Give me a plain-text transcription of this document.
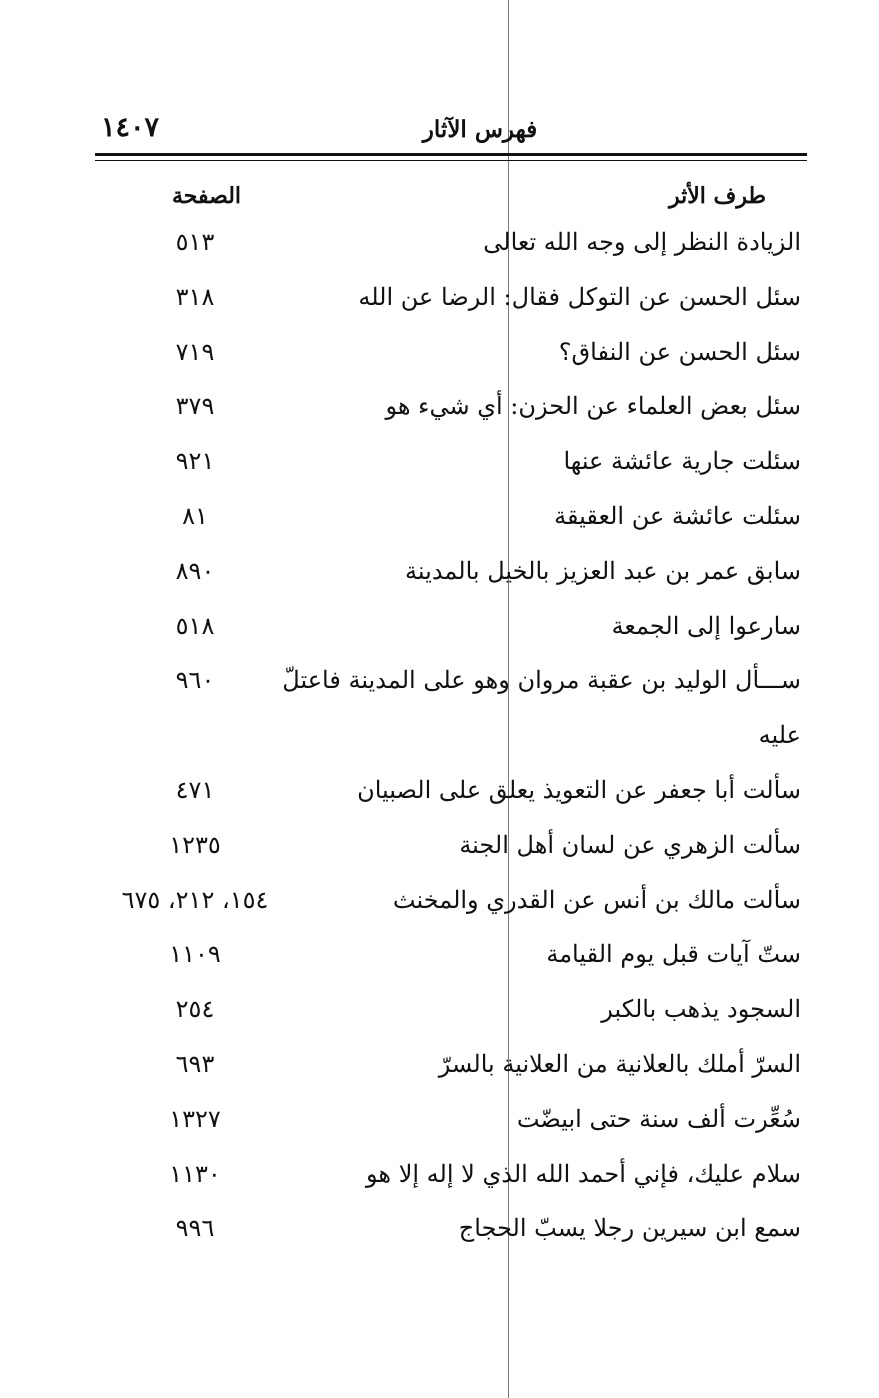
١٤٠٧	فهرس الآثار
طرف الأثر
الصفحة
الزيادة النظر إلى وجه الله تعالى
٥١٣
سئل الحسن عن التوكل فقال: الرضا عن الله
٣١٨
سئل الحسن عن النفاق؟
٧١٩
سئل بعض العلماء عن الحزن: أي شيء هو
٣٧٩
سئلت جارية عائشة عنها
٩٢١
سئلت عائشة عن العقيقة
٨١
سابق عمر بن عبد العزيز بالخيل بالمدينة
٨٩٠
سارعوا إلى الجمعة
٥١٨
ســـأل الوليد بن عقبة مروان وهو على المدينة فاعتلّ
٩٦٠
عليه
سألت أبا جعفر عن التعويذ يعلق على الصبيان
٤٧١
سألت الزهري عن لسان أهل الجنة
١٢٣٥
سألت مالك بن أنس عن القدري والمخنث
١٥٤، ٢١٢، ٦٧٥
ستّ آيات قبل يوم القيامة
١١٠٩
السجود يذهب بالكبر
٢٥٤
السرّ أملك بالعلانية من العلانية بالسرّ
٦٩٣
سُعِّرت ألف سنة حتى ابيضّت
١٣٢٧
سلام عليك، فإني أحمد الله الذي لا إله إلا هو
١١٣٠
سمع ابن سيرين رجلا يسبّ الحجاج
٩٩٦
